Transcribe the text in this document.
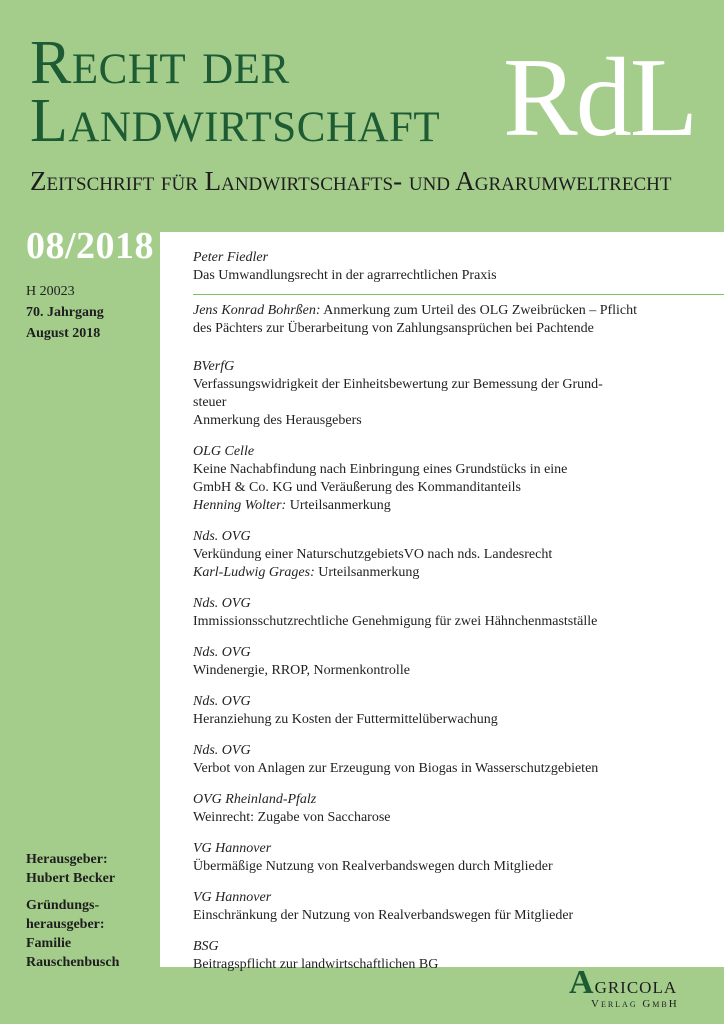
Recht der
Landwirtschaft RdL
Zeitschrift für Landwirtschafts- und Agrarumweltrecht
08/2018
H 20023
70. Jahrgang
August 2018
Herausgeber:
Hubert Becker
Gründungs-
herausgeber:
Familie
Rauschenbusch

Peter Fiedler

Das Umwandlungsrecht in der agrarrechtlichen Praxis

Jens Konrad Bohrßen: Anmerkung zum Urteil des OLG Zweibrücken – Pflicht

des Pächters zur Überarbeitung von Zahlungsansprüchen bei Pachtende

BVerfG

Verfassungswidrigkeit der Einheitsbewertung zur Bemessung der Grund-

steuer

Anmerkung des Herausgebers

OLG Celle

Keine Nachabfindung nach Einbringung eines Grundstücks in eine

GmbH & Co. KG und Veräußerung des Kommanditanteils

Henning Wolter: Urteilsanmerkung

Nds. OVG

Verkündung einer NaturschutzgebietsVO nach nds. Landesrecht

Karl-Ludwig Grages: Urteilsanmerkung

Nds. OVG

Immissionsschutzrechtliche Genehmigung für zwei Hähnchenmastställe

Nds. OVG

Windenergie, RROP, Normenkontrolle

Nds. OVG

Heranziehung zu Kosten der Futtermittelüberwachung

Nds. OVG

Verbot von Anlagen zur Erzeugung von Biogas in Wasserschutzgebieten

OVG Rheinland-Pfalz

Weinrecht: Zugabe von Saccharose

VG Hannover

Übermäßige Nutzung von Realverbandswegen durch Mitglieder

VG Hannover

Einschränkung der Nutzung von Realverbandswegen für Mitglieder

BSG

Beitragspflicht zur landwirtschaftlichen BG	Agricola
Verlag GmbH
